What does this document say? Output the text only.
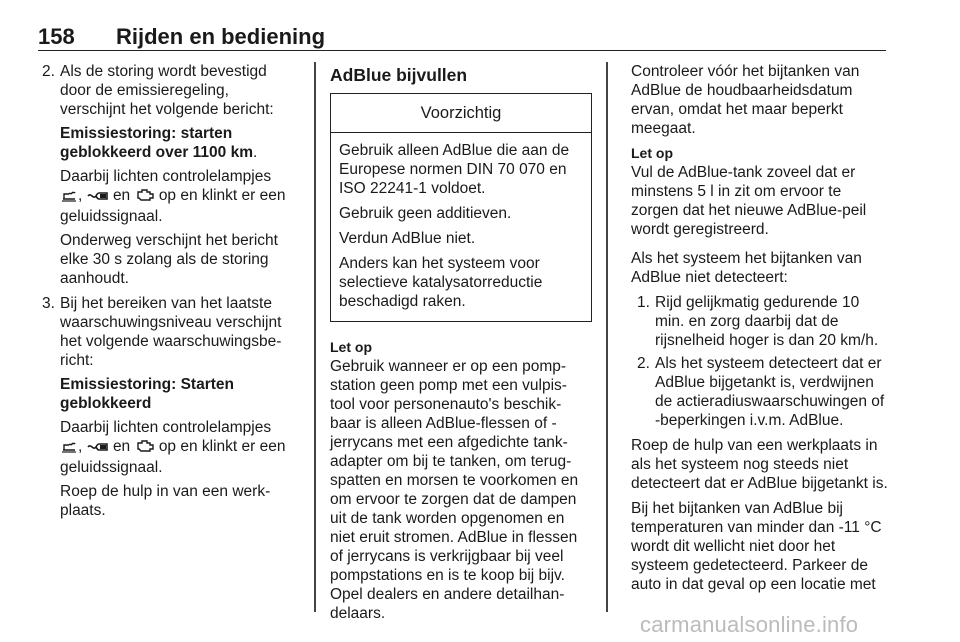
158 Rijden en bediening
2. Als de storing wordt bevestigd door de emissieregeling, verschijnt het volgende bericht:

Emissiestoring: starten geblokkeerd over 1100 km.

Daarbij lichten controlelampjes
, en op en klinkt er een geluidssignaal.

Onderweg verschijnt het bericht elke 30 s zolang als de storing aanhoudt.

3. Bij het bereiken van het laatste waarschuwingsniveau verschijnt het volgende waarschuwingsbe- richt:

Emissiestoring: Starten geblokkeerd

Daarbij lichten controlelampjes
, en op en klinkt er een geluidssignaal.

Roep de hulp in van een werk- plaats.

AdBlue bijvullen
Voorzichtig

Gebruik alleen AdBlue die aan de Europese normen DIN 70 070 en ISO 22241-1 voldoet.

Gebruik geen additieven.

Verdun AdBlue niet.

Anders kan het systeem voor selectieve katalysatorreductie beschadigd raken.

Let op

Gebruik wanneer er op een pomp- station geen pomp met een vulpis- tool voor personenauto's beschik- baar is alleen AdBlue-flessen of - jerrycans met een afgedichte tank- adapter om bij te tanken, om terug- spatten en morsen te voorkomen en om ervoor te zorgen dat de dampen uit de tank worden opgenomen en niet eruit stromen. AdBlue in flessen of jerrycans is verkrijgbaar bij veel pompstations en is te koop bij bijv. Opel dealers en andere detailhan- delaars.

Controleer vóór het bijtanken van AdBlue de houdbaarheidsdatum ervan, omdat het maar beperkt meegaat.

Let op

Vul de AdBlue-tank zoveel dat er minstens 5 l in zit om ervoor te zorgen dat het nieuwe AdBlue-peil wordt geregistreerd.

Als het systeem het bijtanken van AdBlue niet detecteert:

1. Rijd gelijkmatig gedurende 10 min. en zorg daarbij dat de rijsnelheid hoger is dan 20 km/h.
2. Als het systeem detecteert dat er AdBlue bijgetankt is, verdwijnen de actieradiuswaarschuwingen of -beperkingen i.v.m. AdBlue.

Roep de hulp van een werkplaats in als het systeem nog steeds niet detecteert dat er AdBlue bijgetankt is.

Bij het bijtanken van AdBlue bij temperaturen van minder dan -11 °C wordt dit wellicht niet door het systeem gedetecteerd. Parkeer de auto in dat geval op een locatie met

carmanualsonline.info
